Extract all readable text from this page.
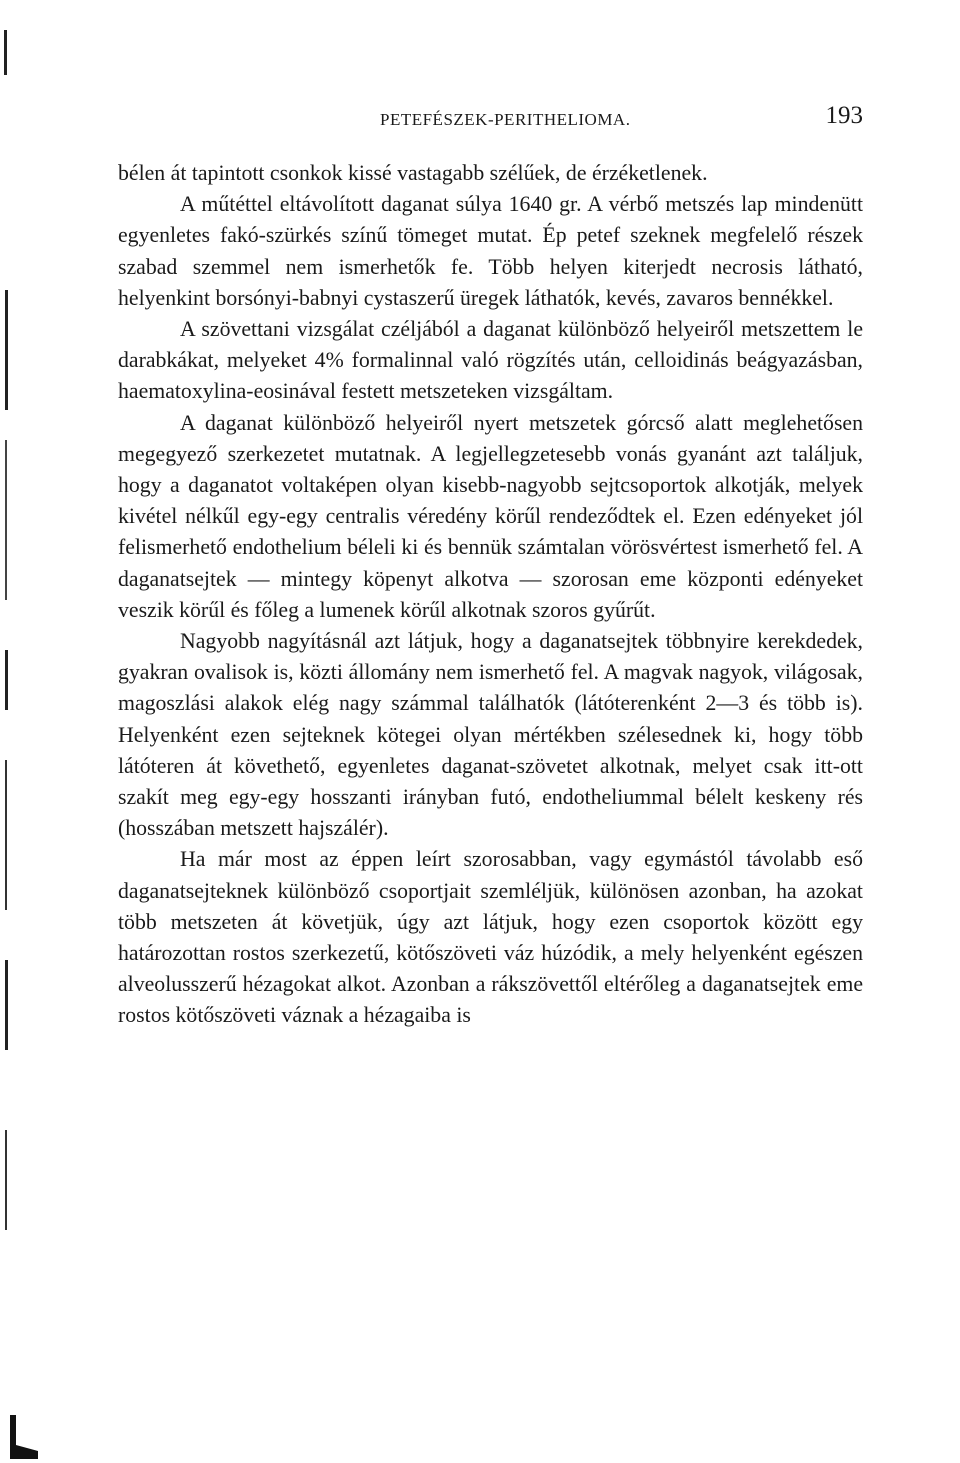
PETEFÉSZEK-PERITHELIOMA.	193

bélen át tapintott csonkok kissé vastagabb szélűek, de érzéketlenek.

A műtéttel eltávolított daganat súlya 1640 gr. A vérbő metszés lap mindenütt egyenletes fakó-szürkés színű tömeget mutat. Ép petef szeknek megfelelő részek szabad szemmel nem ismerhetők fe. Több helyen kiterjedt necrosis látható, helyenkint borsónyi-babnyi cystaszerű üregek láthatók, kevés, zavaros bennékkel.

A szövettani vizsgálat czéljából a daganat különböző helyeiről metszettem le darabkákat, melyeket 4% formalinnal való rögzítés után, celloidinás beágyazásban, haematoxylina-eosinával festett metszeteken vizsgáltam.

A daganat különböző helyeiről nyert metszetek górcső alatt meglehetősen megegyező szerkezetet mutatnak. A legjellegzetesebb vonás gyanánt azt találjuk, hogy a daganatot voltaképen olyan kisebb-nagyobb sejtcsoportok alkotják, melyek kivétel nélkűl egy-egy centralis véredény körűl rendeződtek el. Ezen edényeket jól felismerhető endothelium béleli ki és bennük számtalan vörösvértest ismerhető fel. A daganatsejtek — mintegy köpenyt alkotva — szorosan eme központi edényeket veszik körűl és főleg a lumenek körűl alkotnak szoros gyűrűt.

Nagyobb nagyításnál azt látjuk, hogy a daganatsejtek többnyire kerekdedek, gyakran ovalisok is, közti állomány nem ismerhető fel. A magvak nagyok, világosak, magoszlási alakok elég nagy számmal találhatók (látóterenként 2—3 és több is). Helyenként ezen sejteknek kötegei olyan mértékben szélesednek ki, hogy több látóteren át követhető, egyenletes daganat-szövetet alkotnak, melyet csak itt-ott szakít meg egy-egy hosszanti irányban futó, endotheliummal bélelt keskeny rés (hosszában metszett hajszálér).

Ha már most az éppen leírt szorosabban, vagy egymástól távolabb eső daganatsejteknek különböző csoportjait szemléljük, különösen azonban, ha azokat több metszeten át követjük, úgy azt látjuk, hogy ezen csoportok között egy határozottan rostos szerkezetű, kötőszöveti váz húzódik, a mely helyenként egészen alveolusszerű hézagokat alkot. Azonban a rákszövettől eltérőleg a daganatsejtek eme rostos kötőszöveti váznak a hézagaiba is
